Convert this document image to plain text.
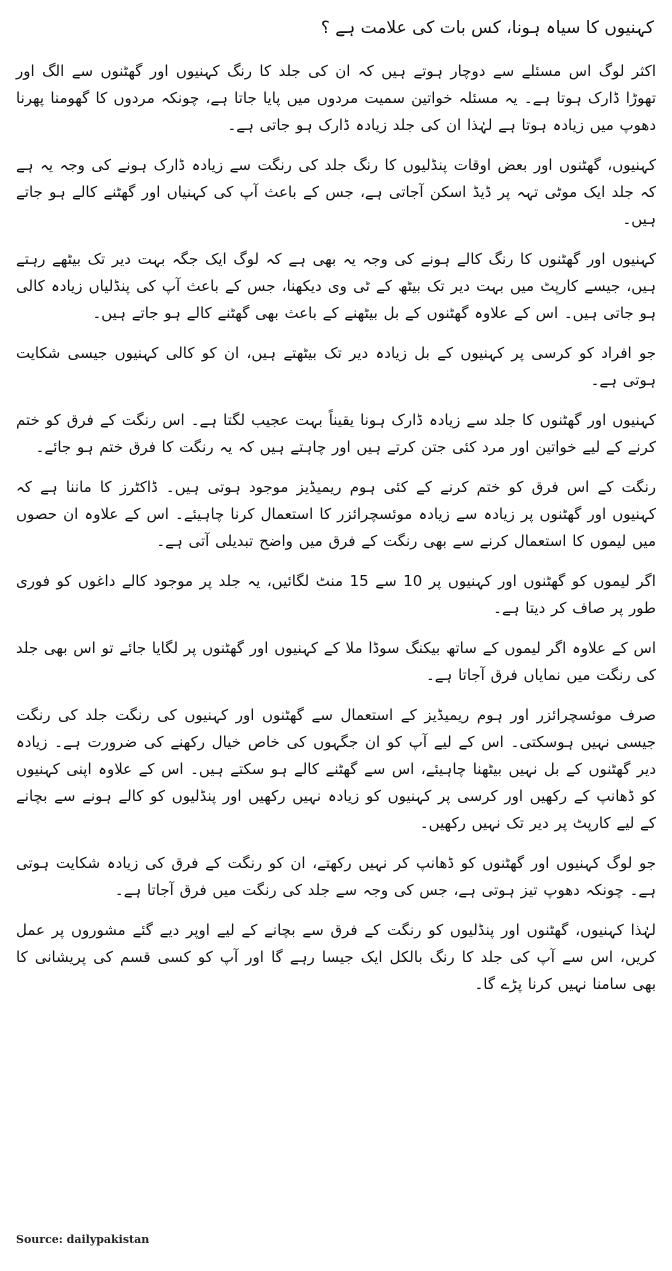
کہنیوں کا سیاہ ہونا، کس بات کی علامت ہے ؟

اکثر لوگ اس مسئلے سے دوچار ہوتے ہیں کہ ان کی جلد کا رنگ کہنیوں اور گھٹنوں سے الگ اور تھوڑا ڈارک ہوتا ہے۔ یہ مسئلہ خواتین سمیت مردوں میں پایا جاتا ہے، چونکہ مردوں کا گھومنا پھرنا دھوپ میں زیادہ ہوتا ہے لہٰذا ان کی جلد زیادہ ڈارک ہو جاتی ہے۔

کہنیوں، گھٹنوں اور بعض اوقات پنڈلیوں کا رنگ جلد کی رنگت سے زیادہ ڈارک ہونے کی وجہ یہ ہے کہ جلد ایک موٹی تہہ پر ڈیڈ اسکن آجاتی ہے، جس کے باعث آپ کی کہنیاں اور گھٹنے کالے ہو جاتے ہیں۔

کہنیوں اور گھٹنوں کا رنگ کالے ہونے کی وجہ یہ بھی ہے کہ لوگ ایک جگہ بہت دیر تک بیٹھے رہتے ہیں، جیسے کارپٹ میں بہت دیر تک بیٹھ کے ٹی وی دیکھنا، جس کے باعث آپ کی پنڈلیاں زیادہ کالی ہو جاتی ہیں۔ اس کے علاوہ گھٹنوں کے بل بیٹھنے کے باعث بھی گھٹنے کالے ہو جاتے ہیں۔

جو افراد کو کرسی پر کہنیوں کے بل زیادہ دیر تک بیٹھتے ہیں، ان کو کالی کہنیوں جیسی شکایت ہوتی ہے۔

کہنیوں اور گھٹنوں کا جلد سے زیادہ ڈارک ہونا یقیناً بہت عجیب لگتا ہے۔ اس رنگت کے فرق کو ختم کرنے کے لیے خواتین اور مرد کئی جتن کرتے ہیں اور چاہتے ہیں کہ یہ رنگت کا فرق ختم ہو جائے۔

رنگت کے اس فرق کو ختم کرنے کے کئی ہوم ریمیڈیز موجود ہوتی ہیں۔ ڈاکٹرز کا ماننا ہے کہ کہنیوں اور گھٹنوں پر زیادہ سے زیادہ موئسچرائزر کا استعمال کرنا چاہیئے۔ اس کے علاوہ ان حصوں میں لیموں کا استعمال کرنے سے بھی رنگت کے فرق میں واضح تبدیلی آتی ہے۔

اگر لیموں کو گھٹنوں اور کہنیوں پر 10 سے 15 منٹ لگائیں، یہ جلد پر موجود کالے داغوں کو فوری طور پر صاف کر دیتا ہے۔

اس کے علاوہ اگر لیموں کے ساتھ بیکنگ سوڈا ملا کے کہنیوں اور گھٹنوں پر لگایا جائے تو اس بھی جلد کی رنگت میں نمایاں فرق آجاتا ہے۔

صرف موئسچرائزر اور ہوم ریمیڈیز کے استعمال سے گھٹنوں اور کہنیوں کی رنگت جلد کی رنگت جیسی نہیں ہوسکتی۔ اس کے لیے آپ کو ان جگہوں کی خاص خیال رکھنے کی ضرورت ہے۔ زیادہ دیر گھٹنوں کے بل نہیں بیٹھنا چاہیئے، اس سے گھٹنے کالے ہو سکتے ہیں۔ اس کے علاوہ اپنی کہنیوں کو ڈھانپ کے رکھیں اور کرسی پر کہنیوں کو زیادہ نہیں رکھیں اور پنڈلیوں کو کالے ہونے سے بچانے کے لیے کارپٹ پر دیر تک نہیں رکھیں۔

جو لوگ کہنیوں اور گھٹنوں کو ڈھانپ کر نہیں رکھتے، ان کو رنگت کے فرق کی زیادہ شکایت ہوتی ہے۔ چونکہ دھوپ تیز ہوتی ہے، جس کی وجہ سے جلد کی رنگت میں فرق آجاتا ہے۔

لہٰذا کہنیوں، گھٹنوں اور پنڈلیوں کو رنگت کے فرق سے بچانے کے لیے اوپر دیے گئے مشوروں پر عمل کریں، اس سے آپ کی جلد کا رنگ بالکل ایک جیسا رہے گا اور آپ کو کسی قسم کی پریشانی کا بھی سامنا نہیں کرنا پڑے گا۔

Source: dailypakistan
